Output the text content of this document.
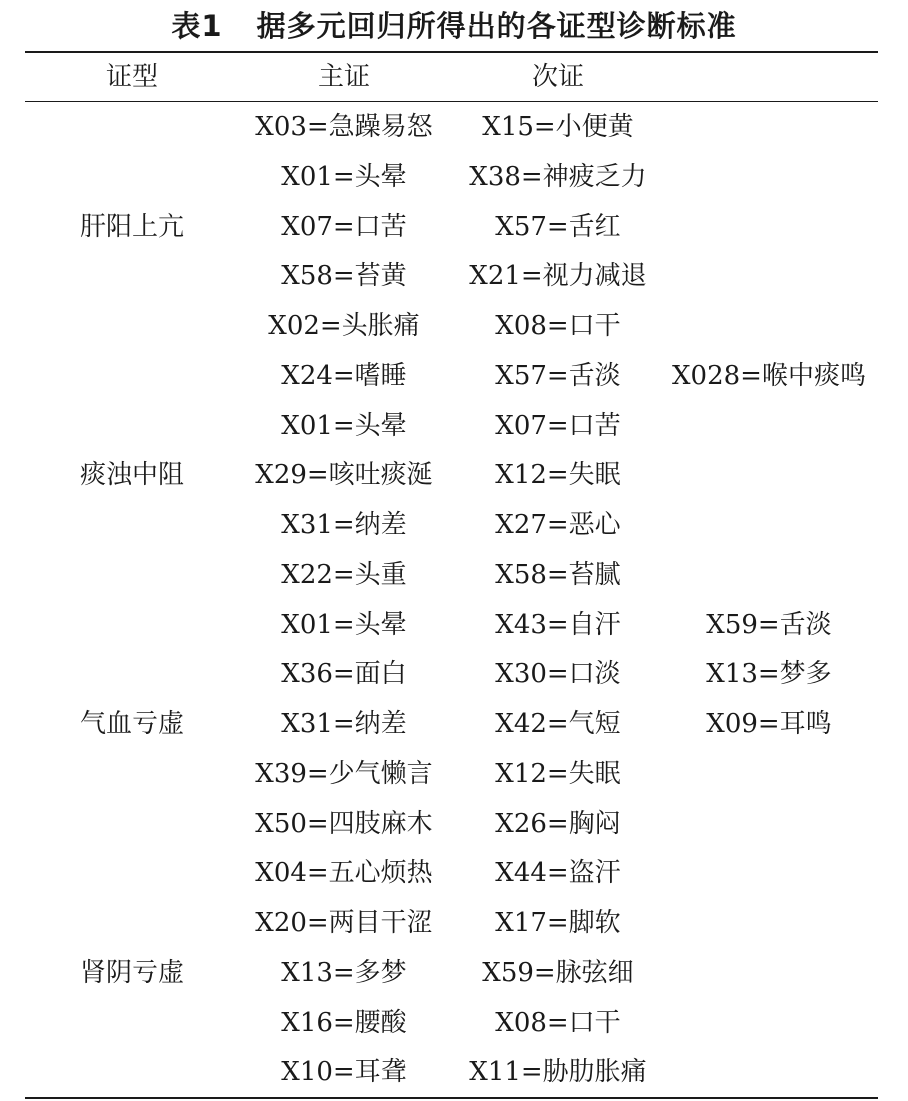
表1 据多元回归所得出的各证型诊断标准
证型	主证	次证
X03=急躁易怒 X15=小便黄
X01=头晕 X38=神疲乏力
肝阳上亢	X07=口苦	X57=舌红
X58=苔黄 X21=视力减退
X02=头胀痛	X08=口干
X24=嗜睡	X57=舌淡 X028=喉中痰鸣
X01=头晕	X07=口苦
痰浊中阻	X29=咳吐痰涎 X12=失眠
X31=纳差	X27=恶心
X22=头重	X58=苔腻
X01=头晕	X43=自汗	X59=舌淡
X36=面白	X30=口淡	X13=梦多
气血亏虚	X31=纳差	X42=气短	X09=耳鸣
X39=少气懒言 X12=失眠
X50=四肢麻木 X26=胸闷
X04=五心烦热 X44=盗汗
X20=两目干涩 X17=脚软
肾阴亏虚	X13=多梦	X59=脉弦细
X16=腰酸	X08=口干
X10=耳聋 X11=胁肋胀痛
